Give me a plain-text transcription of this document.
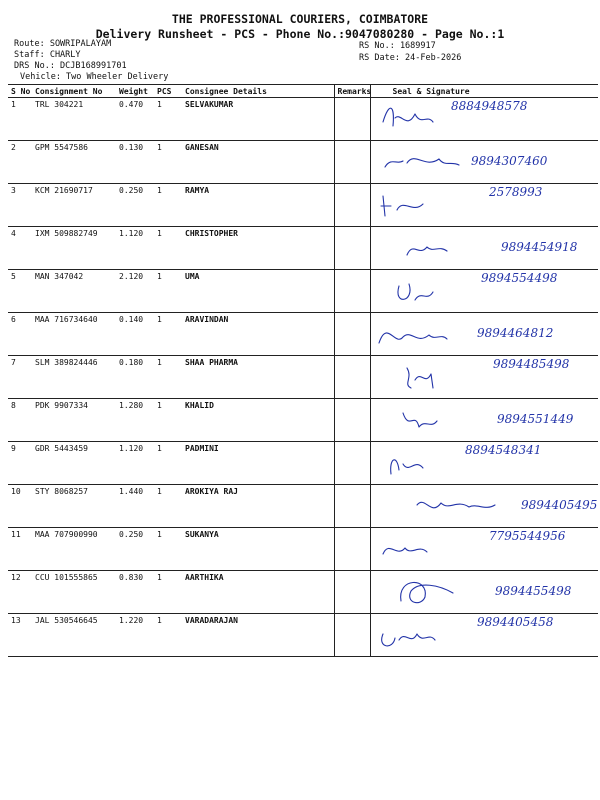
THE PROFESSIONAL COURIERS, COIMBATORE
Delivery Runsheet - PCS - Phone No.:9047080280 - Page No.:1
Route: SOWRIPALAYAM
Staff: CHARLY
DRS No.: DCJB168991701
Vehicle: Two Wheeler Delivery
RS No.: 1689917
RS Date: 24-Feb-2026
S No	Consignment No	Weight	PCS	Consignee Details	Remarks	Seal & Signature
1	TRL 304221	0.470	1	SELVAKUMAR		8884948578

2	GPM 5547586	0.130	1	GANESAN		9894307460

3	KCM 21690717	0.250	1	RAMYA		2578993

4	IXM 509882749	1.120	1	CHRISTOPHER		9894454918

5	MAN 347042	2.120	1	UMA		9894554498

6	MAA 716734640	0.140	1	ARAVINDAN		9894464812

7	SLM 389824446	0.180	1	SHAA PHARMA		9894485498

8	PDK 9907334	1.280	1	KHALID		9894551449

9	GDR 5443459	1.120	1	PADMINI		8894548341

10	STY 8068257	1.440	1	AROKIYA RAJ		9894405495

11	MAA 707900990	0.250	1	SUKANYA		7795544956

12	CCU 101555865	0.830	1	AARTHIKA		9894455498

13	JAL 530546645	1.220	1	VARADARAJAN		9894405458
